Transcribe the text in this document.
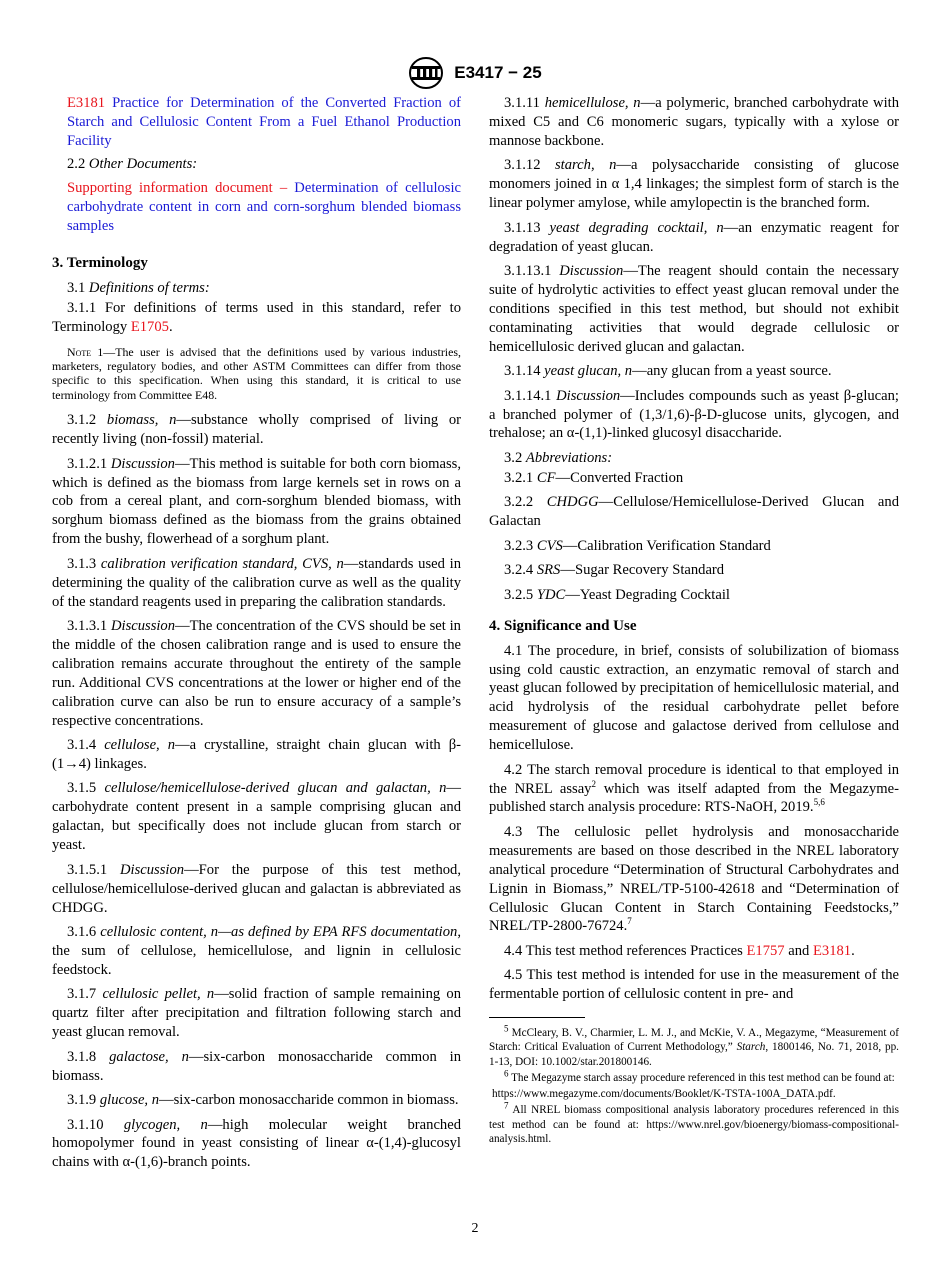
E3417 − 25

E3181 Practice for Determination of the Converted Fraction of Starch and Cellulosic Content From a Fuel Ethanol Production Facility

2.2 Other Documents:

Supporting information document – Determination of cellulosic carbohydrate content in corn and corn-sorghum blended biomass samples

3. Terminology

3.1 Definitions of terms:

3.1.1 For definitions of terms used in this standard, refer to Terminology E1705.

Note 1—The user is advised that the definitions used by various industries, marketers, regulatory bodies, and other ASTM Committees can differ from those specific to this specification. When using this standard, it is critical to use terminology from Committee E48.

3.1.2 biomass, n—substance wholly comprised of living or recently living (non-fossil) material.

3.1.2.1 Discussion—This method is suitable for both corn biomass, which is defined as the biomass from large kernels set in rows on a cob from a cereal plant, and corn-sorghum blended biomass, with sorghum biomass defined as the biomass from the grains obtained from the bushy, flowerhead of a sorghum plant.

3.1.3 calibration verification standard, CVS, n—standards used in determining the quality of the calibration curve as well as the quality of the standard reagents used in preparing the calibration standards.

3.1.3.1 Discussion—The concentration of the CVS should be set in the middle of the chosen calibration range and is used to ensure the calibration remains accurate throughout the entirety of the sample run. Additional CVS concentrations at the lower or higher end of the calibration curve can also be run to ensure accuracy of a sample’s respective concentrations.

3.1.4 cellulose, n—a crystalline, straight chain glucan with β-(1→4) linkages.

3.1.5 cellulose/hemicellulose-derived glucan and galactan, n—carbohydrate content present in a sample comprising glucan and galactan, but specifically does not include glucan from starch or yeast.

3.1.5.1 Discussion—For the purpose of this test method, cellulose/hemicellulose-derived glucan and galactan is abbreviated as CHDGG.

3.1.6 cellulosic content, n—as defined by EPA RFS documentation, the sum of cellulose, hemicellulose, and lignin in cellulosic feedstock.

3.1.7 cellulosic pellet, n—solid fraction of sample remaining on quartz filter after precipitation and filtration following starch and yeast glucan removal.

3.1.8 galactose, n—six-carbon monosaccharide common in biomass.

3.1.9 glucose, n—six-carbon monosaccharide common in biomass.

3.1.10 glycogen, n—high molecular weight branched homopolymer found in yeast consisting of linear α-(1,4)-glucosyl chains with α-(1,6)-branch points.

3.1.11 hemicellulose, n—a polymeric, branched carbohydrate with mixed C5 and C6 monomeric sugars, typically with a xylose or mannose backbone.

3.1.12 starch, n—a polysaccharide consisting of glucose monomers joined in α 1,4 linkages; the simplest form of starch is the linear polymer amylose, while amylopectin is the branched form.

3.1.13 yeast degrading cocktail, n—an enzymatic reagent for degradation of yeast glucan.

3.1.13.1 Discussion—The reagent should contain the necessary suite of hydrolytic activities to effect yeast glucan removal under the conditions specified in this test method, but should not exhibit contaminating activities that would degrade cellulosic or hemicellulosic derived glucan and galactan.

3.1.14 yeast glucan, n—any glucan from a yeast source.

3.1.14.1 Discussion—Includes compounds such as yeast β-glucan; a branched polymer of (1,3/1,6)-β-D-glucose units, glycogen, and trehalose; an α-(1,1)-linked glucosyl disaccharide.

3.2 Abbreviations:

3.2.1 CF—Converted Fraction

3.2.2 CHDGG—Cellulose/Hemicellulose-Derived Glucan and Galactan

3.2.3 CVS—Calibration Verification Standard

3.2.4 SRS—Sugar Recovery Standard

3.2.5 YDC—Yeast Degrading Cocktail

4. Significance and Use

4.1 The procedure, in brief, consists of solubilization of biomass using cold caustic extraction, an enzymatic removal of starch and yeast glucan followed by precipitation of hemicellulosic material, and acid hydrolysis of the residual carbohydrate pellet before measurement of glucose and galactose derived from cellulose and hemicellulose.

4.2 The starch removal procedure is identical to that employed in the NREL assay$^2$ which was itself adapted from the Megazyme-published starch analysis procedure: RTS-NaOH, 2019.$^{5,6}$

4.3 The cellulosic pellet hydrolysis and monosaccharide measurements are based on those described in the NREL laboratory analytical procedure “Determination of Structural Carbohydrates and Lignin in Biomass,” NREL/TP-5100-42618 and “Determination of Cellulosic Glucan Content in Starch Containing Feedstocks,” NREL/TP-2800-76724.$^7$

4.4 This test method references Practices E1757 and E3181.

4.5 This test method is intended for use in the measurement of the fermentable portion of cellulosic content in pre- and

$^5$ McCleary, B. V., Charmier, L. M. J., and McKie, V. A., Megazyme, “Measurement of Starch: Critical Evaluation of Current Methodology,” Starch, 1800146, No. 71, 2018, pp. 1-13, DOI: 10.1002/star.201800146.

$^6$ The Megazyme starch assay procedure referenced in this test method can be found at:

https://www.megazyme.com/documents/Booklet/K-TSTA-100A_DATA.pdf.

$^7$ All NREL biomass compositional analysis laboratory procedures referenced in this test method can be found at: https://www.nrel.gov/bioenergy/biomass-compositional-analysis.html.

2
